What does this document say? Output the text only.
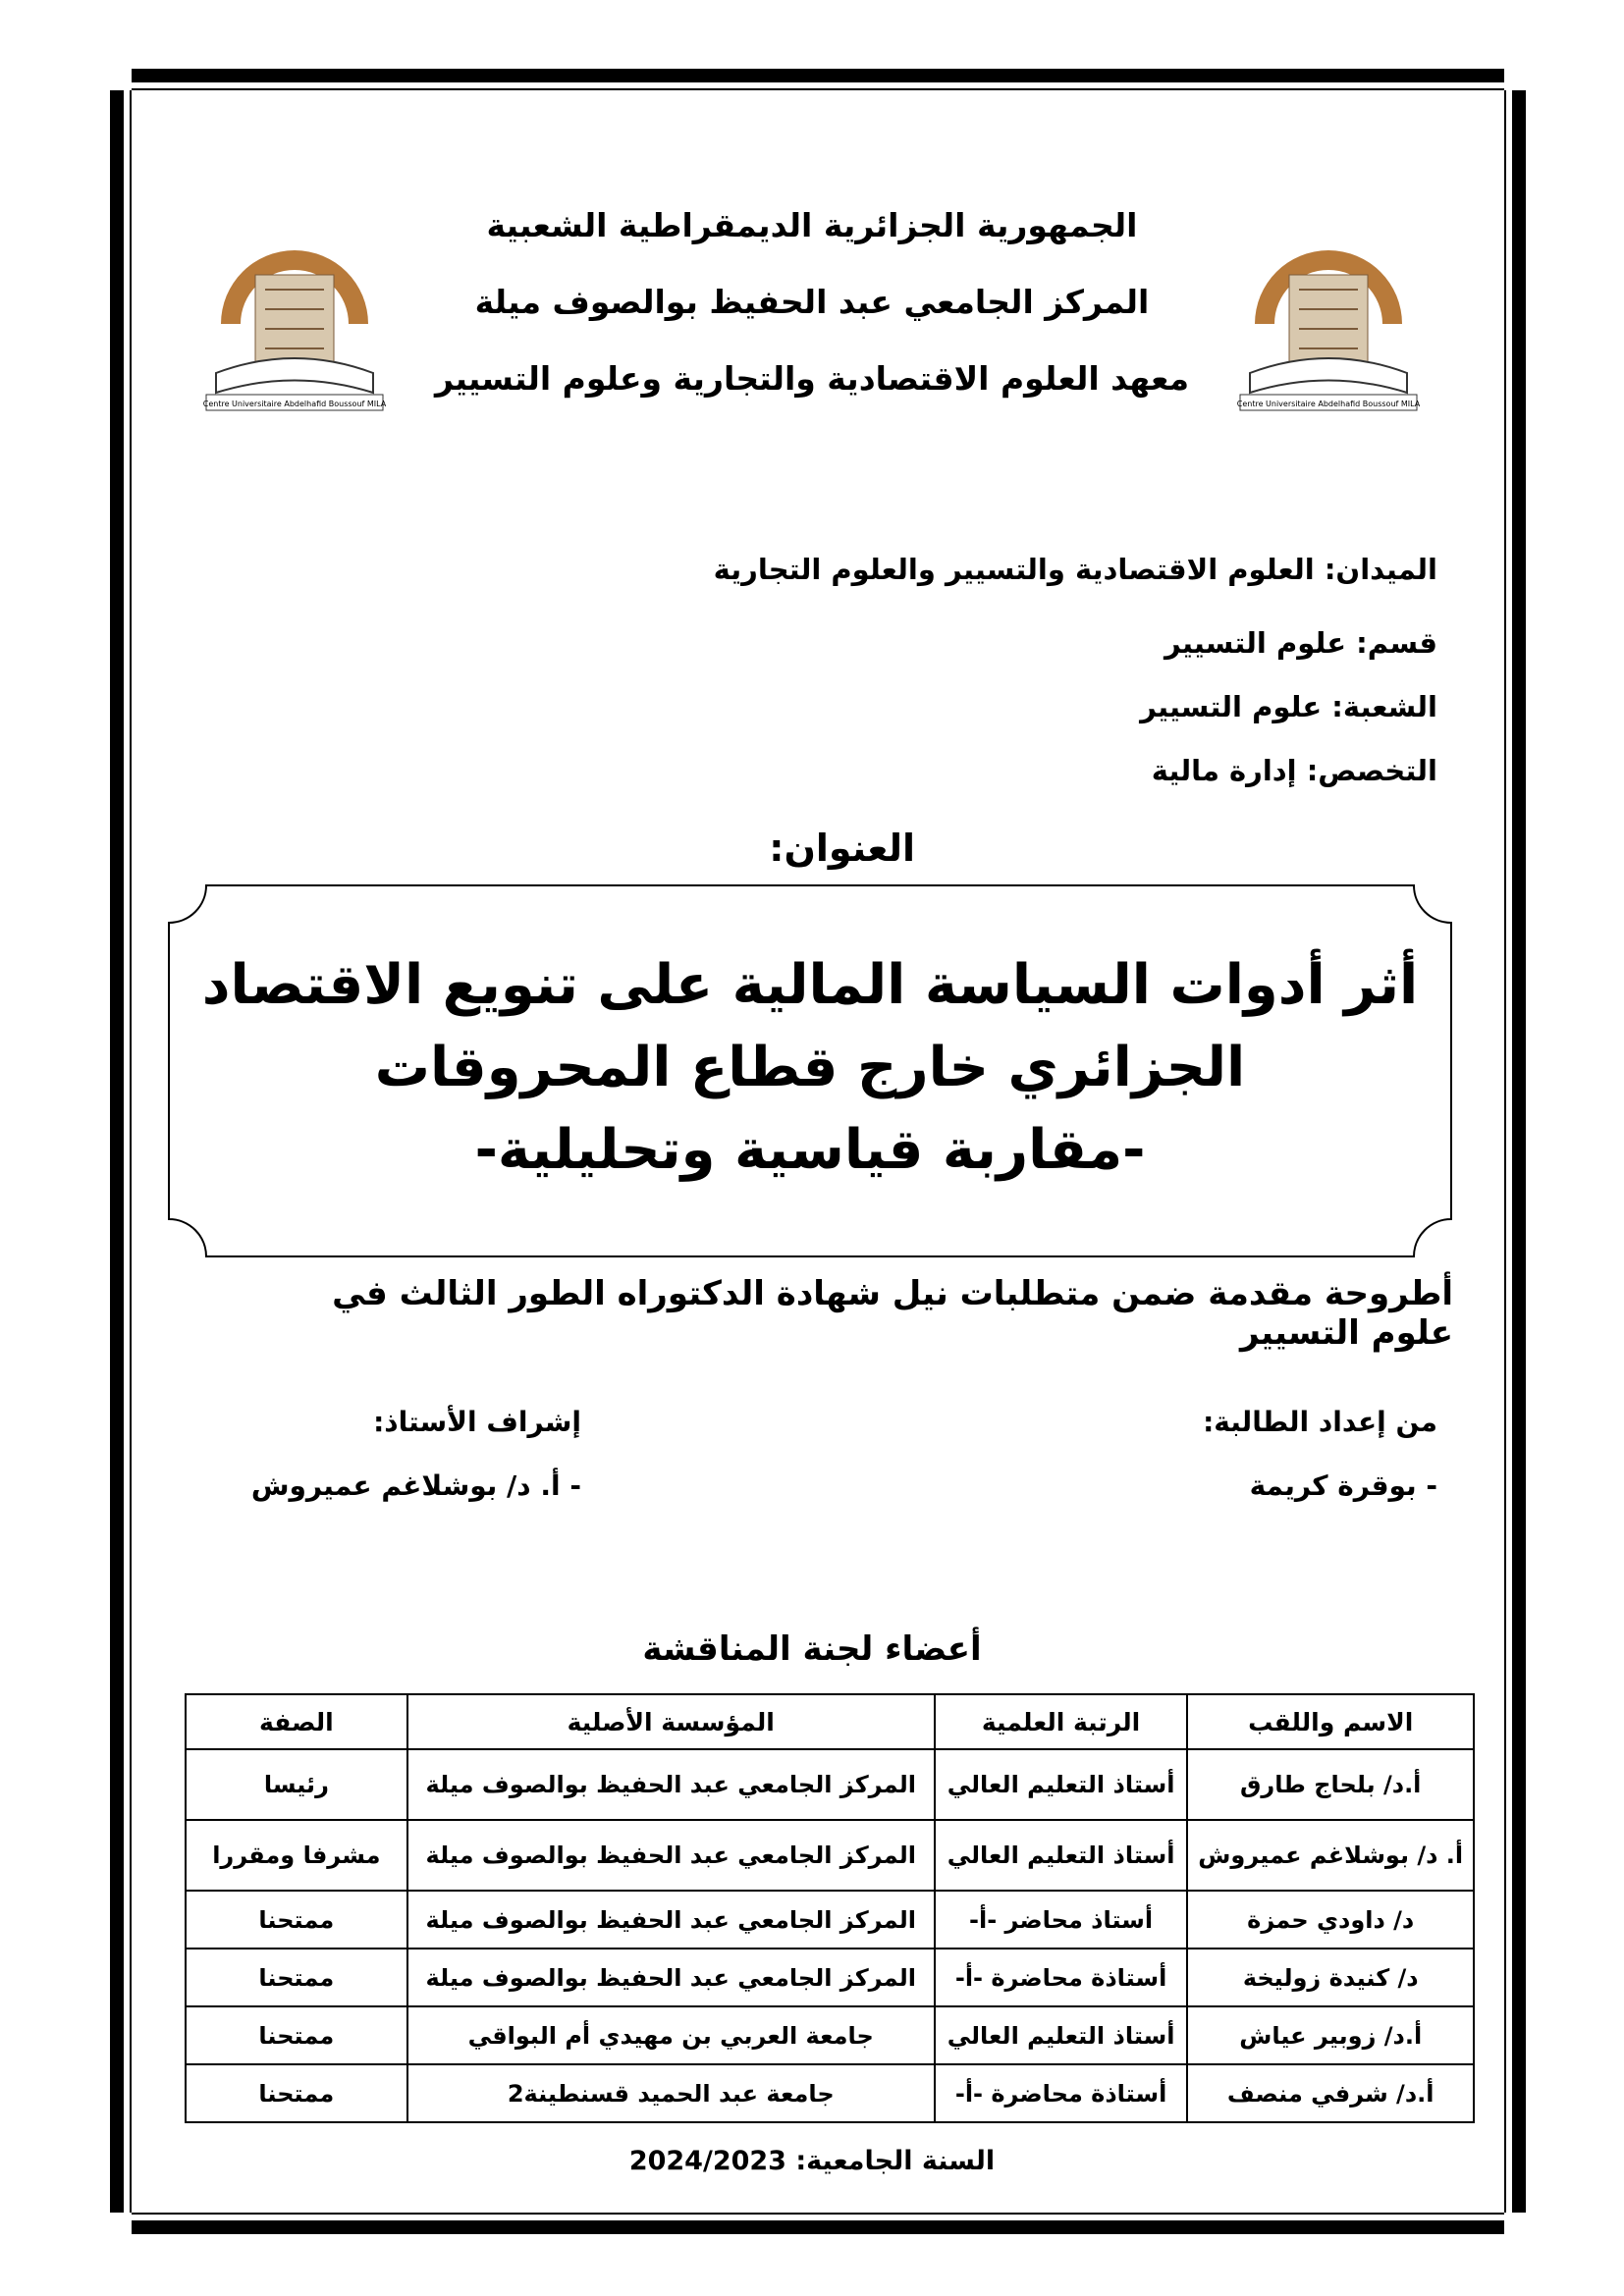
Centre Universitaire Abdelhafid Boussouf MILA
Centre Universitaire Abdelhafid Boussouf MILA
الجمهورية الجزائرية الديمقراطية الشعبية
المركز الجامعي عبد الحفيظ بوالصوف ميلة
معهد العلوم الاقتصادية والتجارية وعلوم التسيير
الميدان: العلوم الاقتصادية والتسيير والعلوم التجارية
قسم: علوم التسيير
الشعبة: علوم التسيير
التخصص: إدارة مالية
العنوان:
أثر أدوات السياسة المالية على تنويع الاقتصاد
الجزائري خارج قطاع المحروقات
-مقاربة قياسية وتحليلية-
أطروحة مقدمة ضمن متطلبات نيل شهادة الدكتوراه الطور الثالث في علوم التسيير
من إعداد الطالبة:
- بوقرة كريمة
إشراف الأستاذ:
- أ. د/ بوشلاغم عميروش
أعضاء لجنة المناقشة
الاسم واللقب	الرتبة العلمية	المؤسسة الأصلية	الصفة
أ.د/ بلحاج طارق	أستاذ التعليم العالي	المركز الجامعي عبد الحفيظ بوالصوف ميلة	رئيسا
أ. د/ بوشلاغم عميروش	أستاذ التعليم العالي	المركز الجامعي عبد الحفيظ بوالصوف ميلة	مشرفا ومقررا
د/ داودي حمزة	أستاذ محاضر -أ-	المركز الجامعي عبد الحفيظ بوالصوف ميلة	ممتحنا
د/ كنيدة زوليخة	أستاذة محاضرة -أ-	المركز الجامعي عبد الحفيظ بوالصوف ميلة	ممتحنا
أ.د/ زوبير عياش	أستاذ التعليم العالي	جامعة العربي بن مهيدي أم البواقي	ممتحنا
أ.د/ شرفي منصف	أستاذة محاضرة -أ-	جامعة عبد الحميد قسنطينة2	ممتحنا
السنة الجامعية: 2024/2023
